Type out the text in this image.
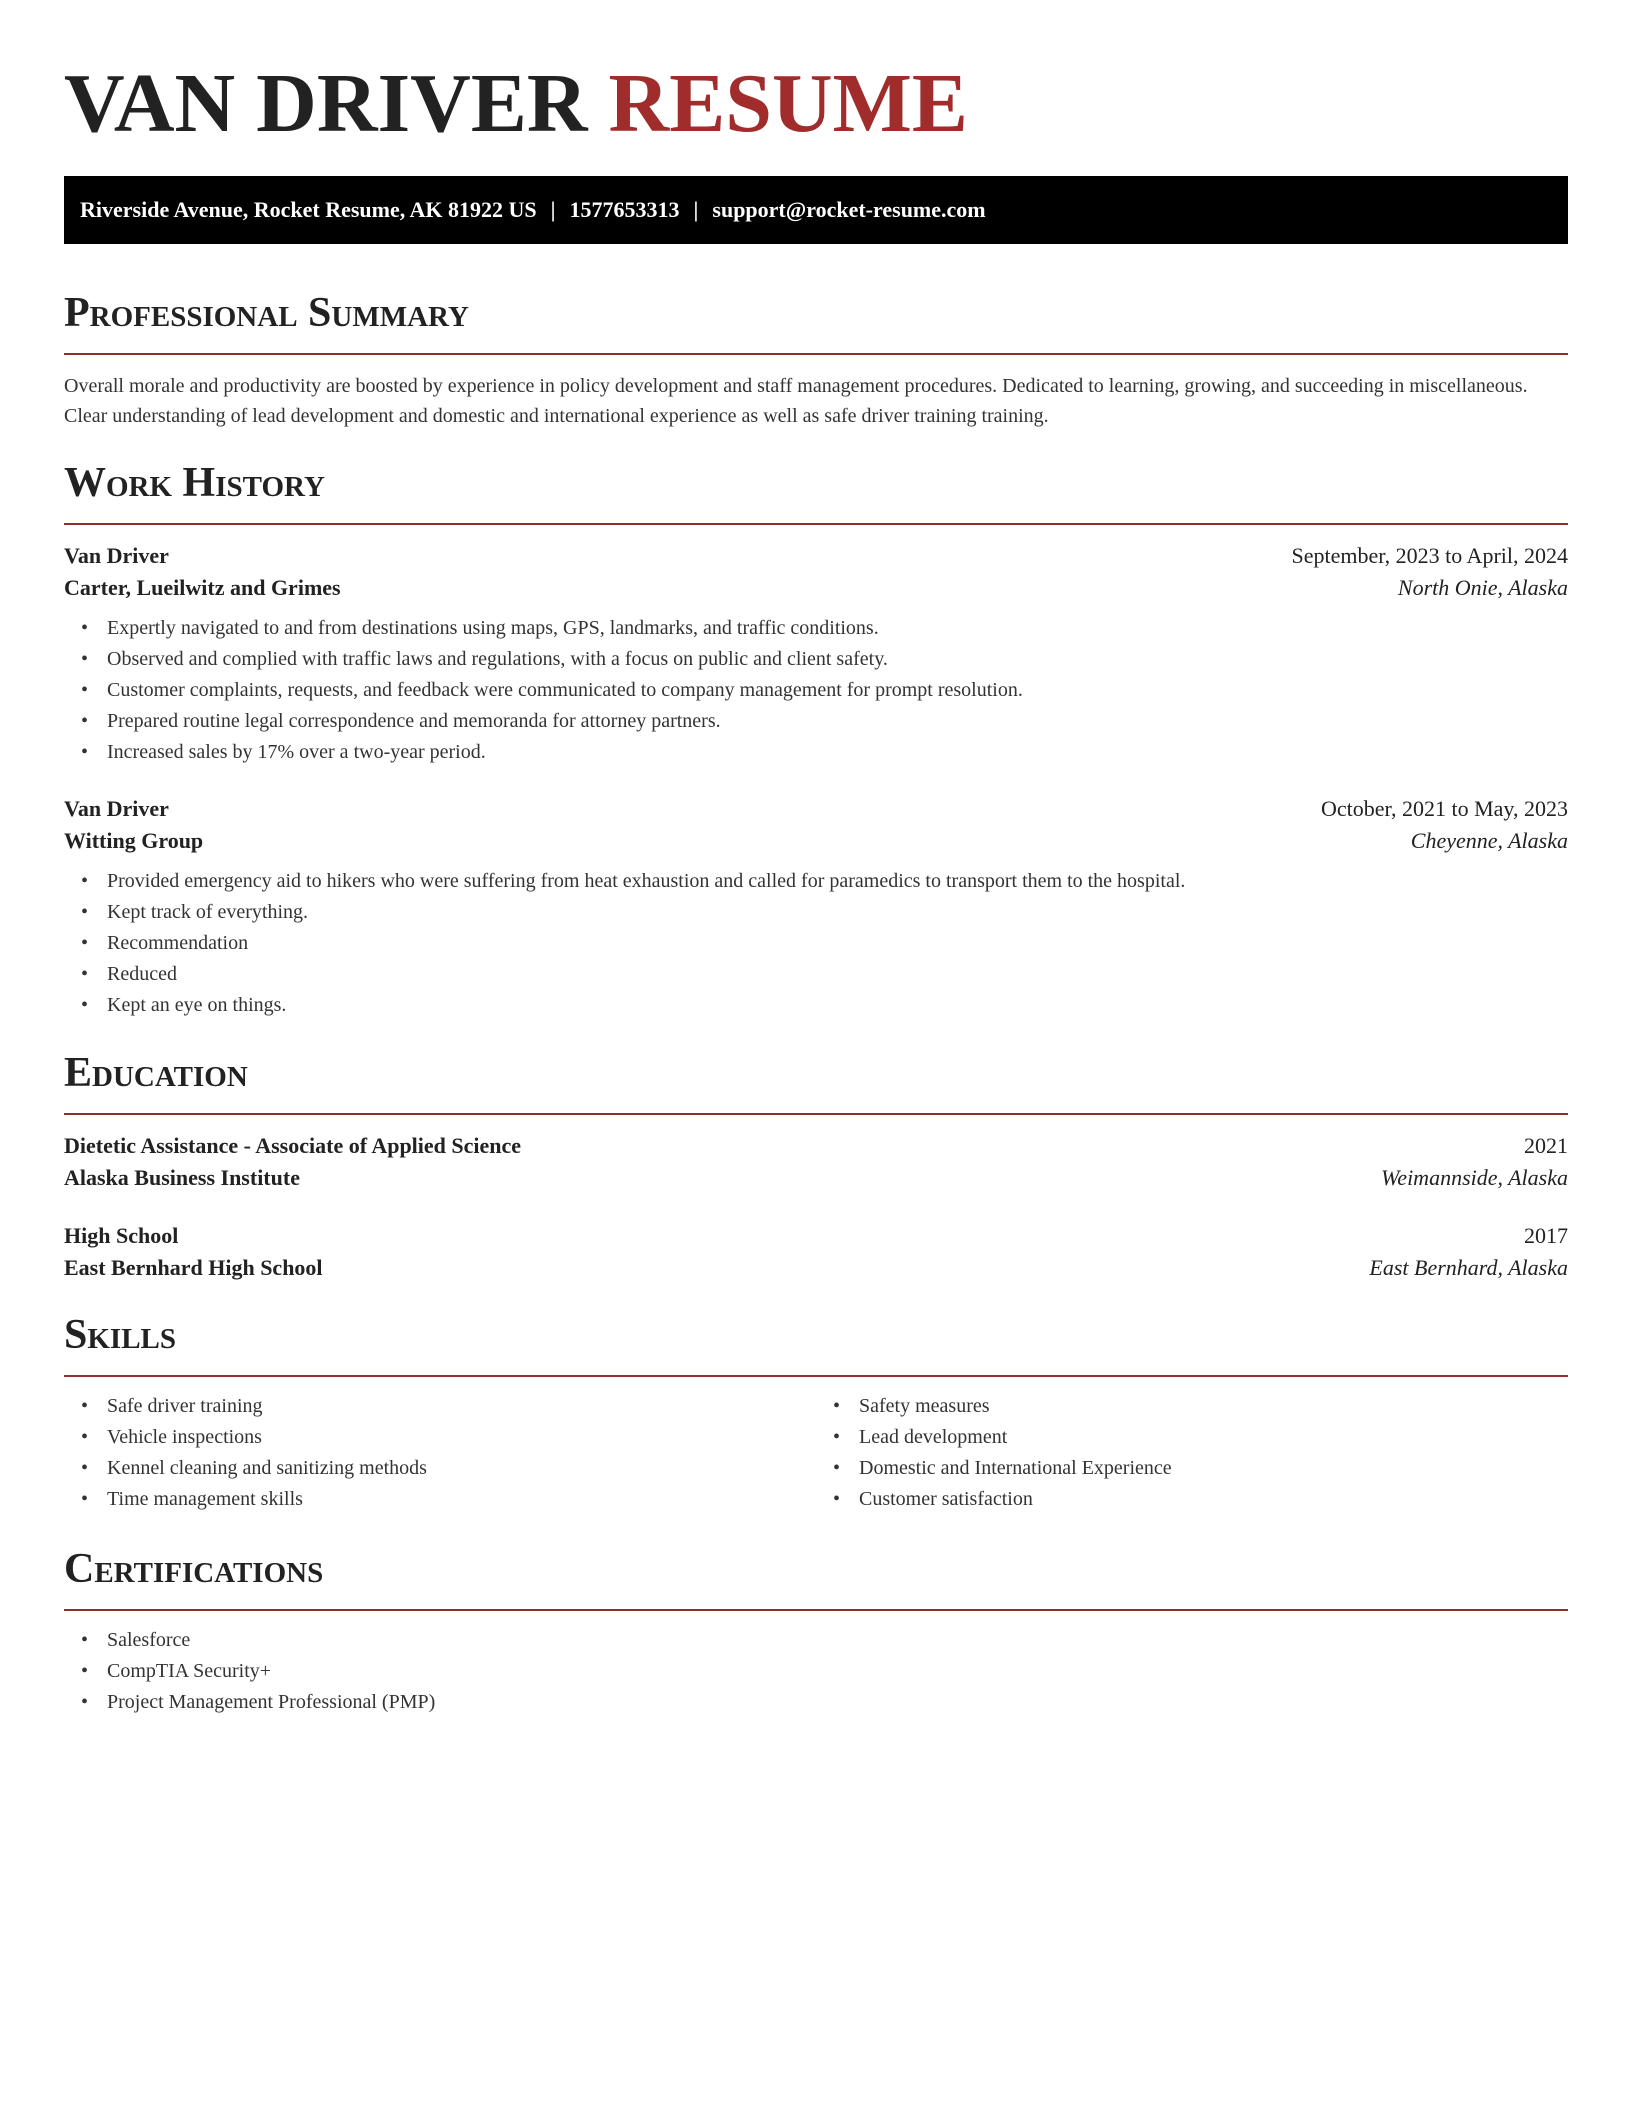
VAN DRIVER RESUME
Riverside Avenue, Rocket Resume, AK 81922 US | 1577653313 | support@rocket-resume.com
Professional Summary

Overall morale and productivity are boosted by experience in policy development and staff management procedures. Dedicated to learning, growing, and succeeding in miscellaneous. Clear understanding of lead development and domestic and international experience as well as safe driver training training.

Work History
Van Driver	September, 2023 to April, 2024
Carter, Lueilwitz and Grimes	North Onie, Alaska
• Expertly navigated to and from destinations using maps, GPS, landmarks, and traffic conditions.
• Observed and complied with traffic laws and regulations, with a focus on public and client safety.
• Customer complaints, requests, and feedback were communicated to company management for prompt resolution.
• Prepared routine legal correspondence and memoranda for attorney partners.
• Increased sales by 17% over a two-year period.
Van Driver	October, 2021 to May, 2023
Witting Group	Cheyenne, Alaska
• Provided emergency aid to hikers who were suffering from heat exhaustion and called for paramedics to transport them to the hospital.
• Kept track of everything.
• Recommendation
• Reduced
• Kept an eye on things.
Education
Dietetic Assistance - Associate of Applied Science	2021
Alaska Business Institute	Weimannside, Alaska
High School	2017
East Bernhard High School	East Bernhard, Alaska
Skills
• Safe driver training
• Vehicle inspections
• Kennel cleaning and sanitizing methods
• Time management skills
• Safety measures
• Lead development
• Domestic and International Experience
• Customer satisfaction
Certifications
• Salesforce
• CompTIA Security+
• Project Management Professional (PMP)
